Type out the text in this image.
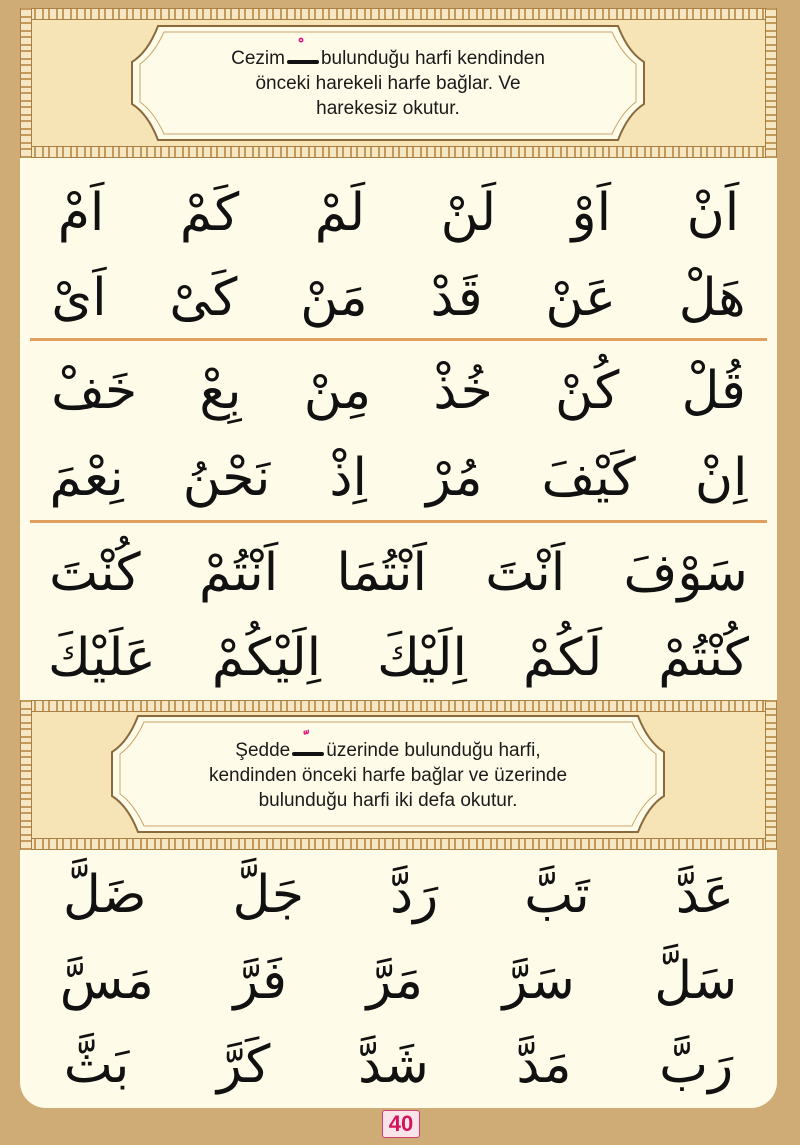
Cezim bulunduğu harfi kendinden
önceki harekeli harfe bağlar. Ve
harekesiz okutur.
اَنْ
اَوْ
لَنْ
لَمْ
كَمْ
اَمْ
هَلْ
عَنْ
قَدْ
مَنْ
كَىْ
اَىْ
قُلْ
كُنْ
خُذْ
مِنْ
بِعْ
خَفْ
اِنْ
كَيْفَ
مُرْ
اِذْ
نَحْنُ
نِعْمَ
سَوْفَ
اَنْتَ
اَنْتُمَا
اَنْتُمْ
كُنْتَ
كُنْتُمْ
لَكُمْ
اِلَيْكَ
اِلَيْكُمْ
عَلَيْكَ
Şedde üzerinde bulunduğu harfi,
kendinden önceki harfe bağlar ve üzerinde
bulunduğu harfi iki defa okutur.
عَدَّ
تَبَّ
رَدَّ
جَلَّ
ضَلَّ
سَلَّ
سَرَّ
مَرَّ
فَرَّ
مَسَّ
رَبَّ
مَدَّ
شَدَّ
كَرَّ
بَثَّ
40
